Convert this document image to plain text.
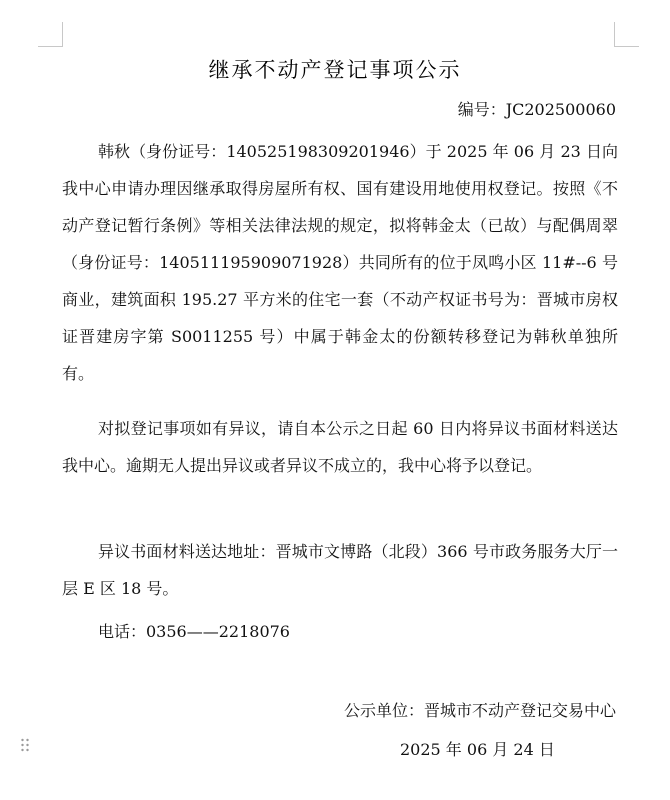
继承不动产登记事项公示
编号：JC202500060

韩秋（身份证号：140525198309201946）于 2025 年 06 月 23 日向我中心申请办理因继承取得房屋所有权、国有建设用地使用权登记。按照《不动产登记暂行条例》等相关法律法规的规定，拟将韩金太（已故）与配偶周翠（身份证号：140511195909071928）共同所有的位于凤鸣小区 11#--6 号商业，建筑面积 195.27 平方米的住宅一套（不动产权证书号为：晋城市房权证晋建房字第 S0011255 号）中属于韩金太的份额转移登记为韩秋单独所有。

对拟登记事项如有异议，请自本公示之日起 60 日内将异议书面材料送达我中心。逾期无人提出异议或者异议不成立的，我中心将予以登记。

异议书面材料送达地址：晋城市文博路（北段）366 号市政务服务大厅一层 E 区 18 号。

电话：0356——2218076

公示单位：晋城市不动产登记交易中心
2025 年 06 月 24 日
